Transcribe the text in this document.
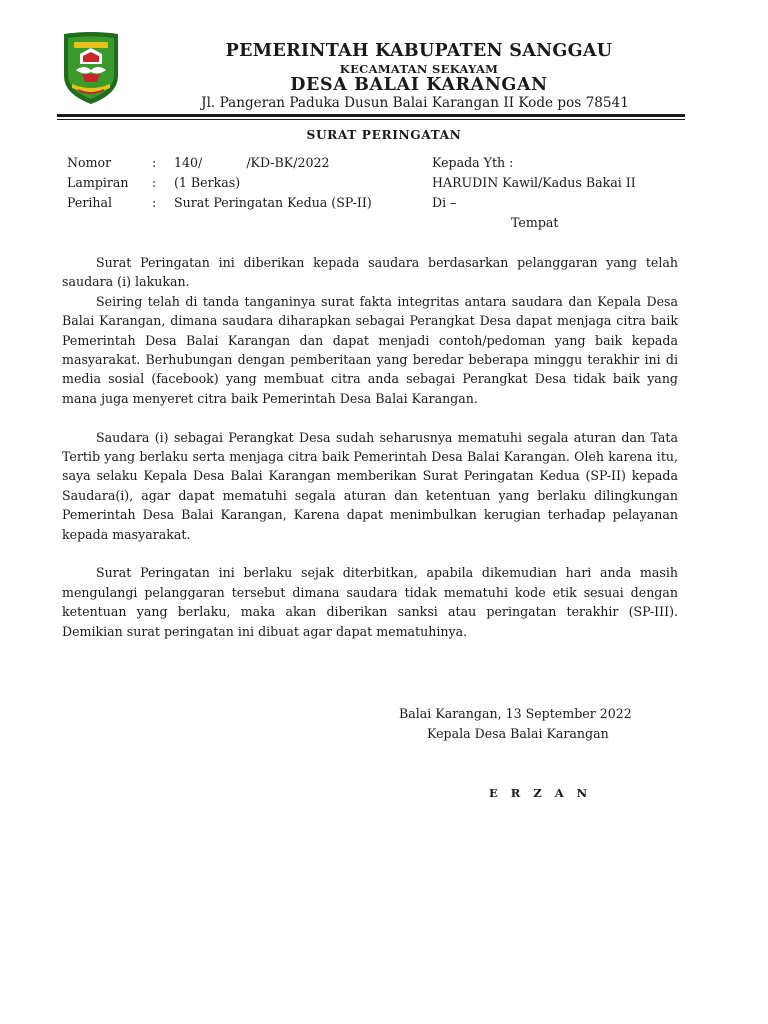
PEMERINTAH KABUPATEN SANGGAU

KECAMATAN SEKAYAM

DESA BALAI KARANGAN

Jl. Pangeran Paduka Dusun Balai Karangan II Kode pos 78541

SURAT PERINGATAN

Nomor	: 140/           /KD-BK/2022
Lampiran : (1 Berkas)
Perihal	: Surat Peringatan Kedua (SP-II)
Kepada Yth :
HARUDIN Kawil/Kadus Bakai II
Di –
Tempat

Surat Peringatan ini diberikan kepada saudara berdasarkan pelanggaran yang telah saudara (i) lakukan.

Seiring telah di tanda tanganinya surat fakta integritas antara saudara dan Kepala Desa Balai Karangan, dimana saudara diharapkan sebagai Perangkat Desa dapat menjaga citra baik Pemerintah Desa Balai Karangan dan dapat menjadi contoh/pedoman yang baik kepada masyarakat. Berhubungan dengan pemberitaan yang beredar beberapa minggu terakhir ini di media sosial (facebook) yang membuat citra anda sebagai Perangkat Desa tidak baik yang mana juga menyeret citra baik Pemerintah Desa Balai Karangan.

Saudara (i) sebagai Perangkat Desa sudah seharusnya mematuhi segala aturan dan Tata Tertib yang berlaku serta menjaga citra baik Pemerintah Desa Balai Karangan. Oleh karena itu, saya selaku Kepala Desa Balai Karangan memberikan Surat Peringatan Kedua (SP-II) kepada Saudara(i), agar dapat mematuhi segala aturan dan ketentuan yang berlaku dilingkungan Pemerintah Desa Balai Karangan, Karena dapat menimbulkan kerugian terhadap pelayanan kepada masyarakat.

Surat Peringatan ini berlaku sejak diterbitkan, apabila dikemudian hari anda masih mengulangi pelanggaran tersebut dimana saudara tidak mematuhi kode etik sesuai dengan ketentuan yang berlaku, maka akan diberikan sanksi atau peringatan terakhir (SP-III). Demikian surat peringatan ini dibuat agar dapat mematuhinya.

Balai Karangan, 13 September 2022
Kepala Desa Balai Karangan
E R Z A N
